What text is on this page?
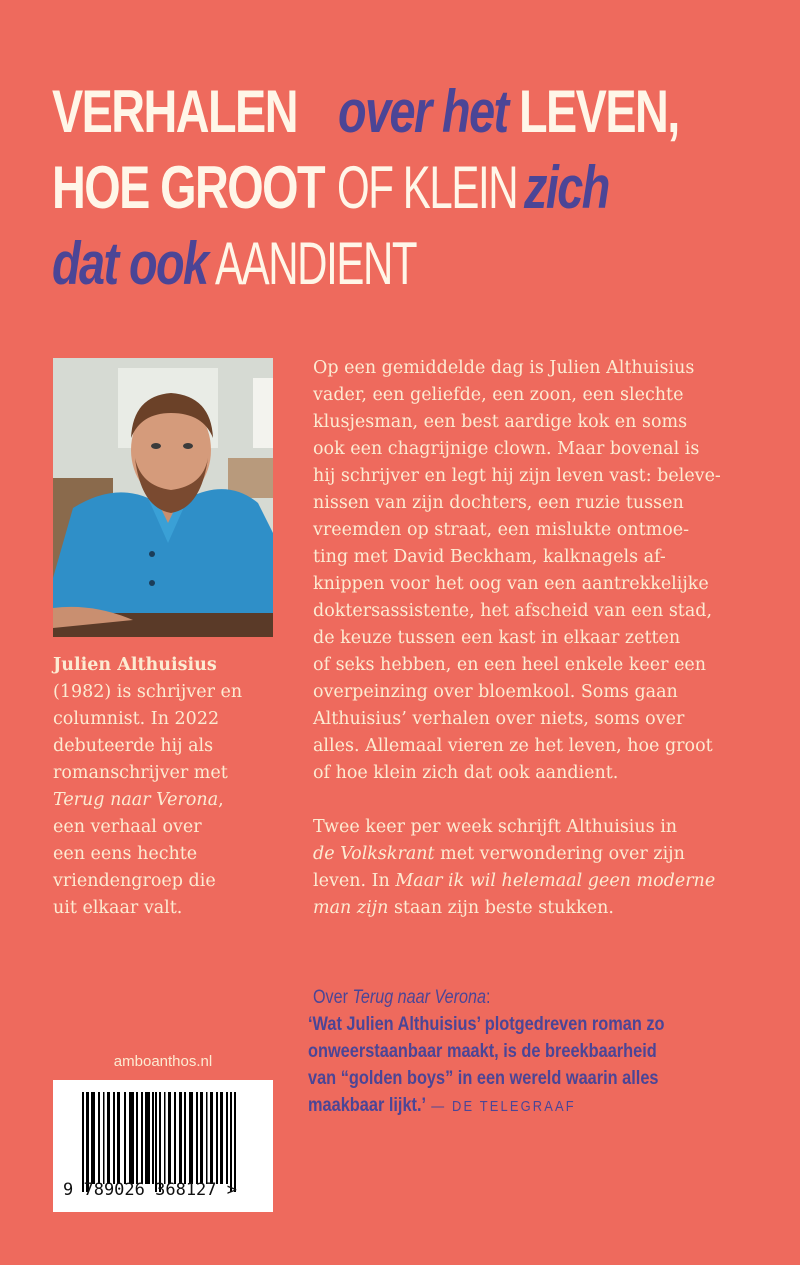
VERHALEN over het LEVEN,
HOE GROOT OF KLEIN zich
dat ook AANDIENT
Julien Althuisius
(1982) is schrijver en
columnist. In 2022
debuteerde hij als
romanschrijver met
Terug naar Verona,
een verhaal over
een eens hechte
vriendengroep die
uit elkaar valt.

Op een gemiddelde dag is Julien Althuisius
vader, een geliefde, een zoon, een slechte
klusjesman, een best aardige kok en soms
ook een chagrijnige clown. Maar bovenal is
hij schrijver en legt hij zijn leven vast: beleve-
nissen van zijn dochters, een ruzie tussen
vreemden op straat, een mislukte ontmoe-
ting met David Beckham, kalknagels af-
knippen voor het oog van een aantrekkelijke
doktersassistente, het afscheid van een stad,
de keuze tussen een kast in elkaar zetten
of seks hebben, en een heel enkele keer een
overpeinzing over bloemkool. Soms gaan
Althuisius’ verhalen over niets, soms over
alles. Allemaal vieren ze het leven, hoe groot
of hoe klein zich dat ook aandient.

Twee keer per week schrijft Althuisius in
de Volkskrant met verwondering over zijn
leven. In Maar ik wil helemaal geen moderne
man zijn staan zijn beste stukken.

Over Terug naar Verona:
‘Wat Julien Althuisius’ plotgedreven roman zo
onweerstaanbaar maakt, is de breekbaarheid
van “golden boys” in een wereld waarin alles
maakbaar lijkt.’ — DE TELEGRAAF
amboanthos.nl
9 789026 368127 >
